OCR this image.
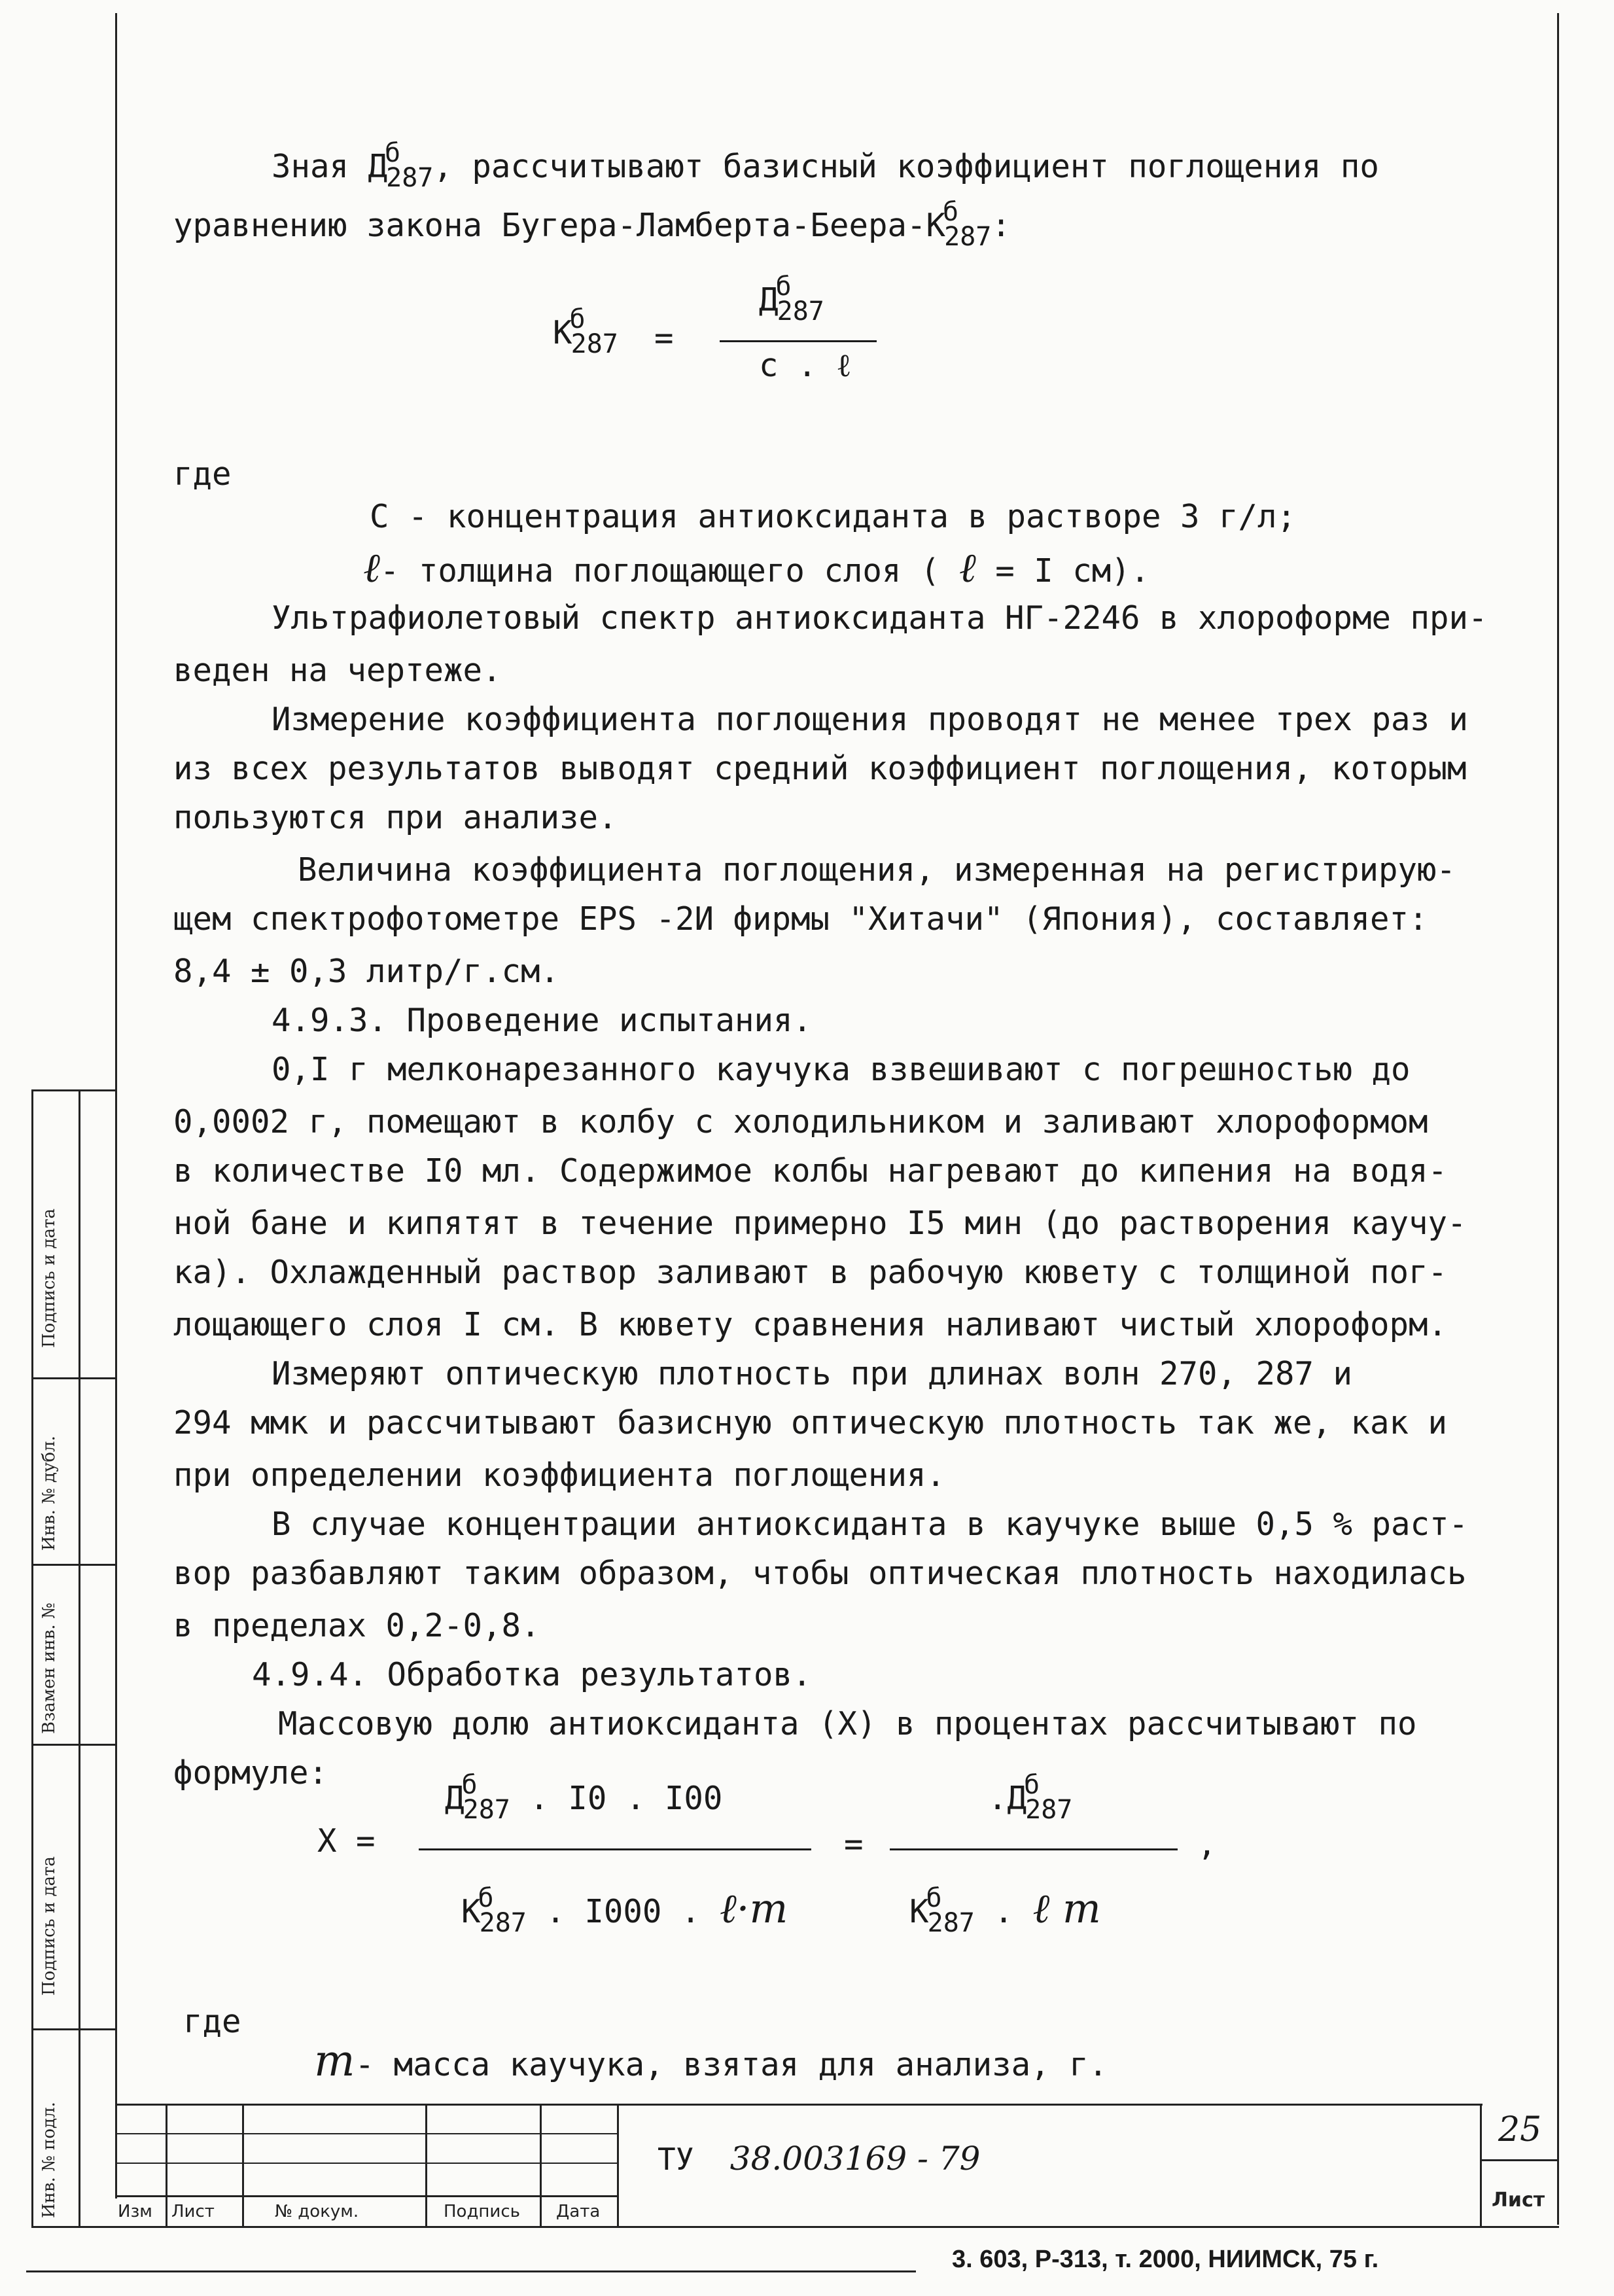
Подпись и дата
Инв. № дубл.
Взамен инв. №
Подпись и дата
Инв. № подл.
Зная $Д^б_{287}$, рассчитывают базисный коэффициент поглощения по
уравнению закона Бугера-$Ламберта-Беера-К^б_{287}$:
$К^б_{287}$ =
$Д^б_{287}$
с . ℓ
где
С - концентрация антиоксиданта в растворе 3 г/л;
ℓ- толщина поглощающего слоя ( ℓ = I см).
Ультрафиолетовый спектр антиоксиданта НГ-2246 в хлороформе при-
веден на чертеже.
Измерение коэффициента поглощения проводят не менее трех раз и
из всех результатов выводят средний коэффициент поглощения, которым
пользуются при анализе.
Величина коэффициента поглощения, измеренная на регистрирую-
щем спектрофотометре ЕPS -2И фирмы "Хитачи" (Япония), составляет:
8,4 ± 0,3 литр/г.см.
4.9.3. Проведение испытания.
0,I г мелконарезанного каучука взвешивают с погрешностью до
0,0002 г, помещают в колбу с холодильником и заливают хлороформом
в количестве I0 мл. Содержимое колбы нагревают до кипения на водя-
ной бане и кипятят в течение примерно I5 мин (до растворения каучу-
ка). Охлажденный раствор заливают в рабочую кювету с толщиной пог-
лощающего слоя I см. В кювету сравнения наливают чистый хлороформ.
Измеряют оптическую плотность при длинах волн 270, 287 и
294 ммк и рассчитывают базисную оптическую плотность так же, как и
при определении коэффициента поглощения.
В случае концентрации антиоксиданта в каучуке выше 0,5 % раст-
вор разбавляют таким образом, чтобы оптическая плотность находилась
в пределах 0,2-0,8.
4.9.4. Обработка результатов.
Массовую долю антиоксиданта (Х) в процентах рассчитывают по
формуле:
Х =
$Д^б_{287}$ . I0 . I00
$К^б_{287}$ . I000 . ℓ·m
=
$.Д^б_{287}$
$К^б_{287}$ . ℓ m
,
где
m- масса каучука, взятая для анализа, г.
Изм Лист	№ докум.	Подпись Дата
ТУ 38.003169 - 79
Лист
25
3. 603, Р-313, т. 2000, НИИМСК, 75 г.
